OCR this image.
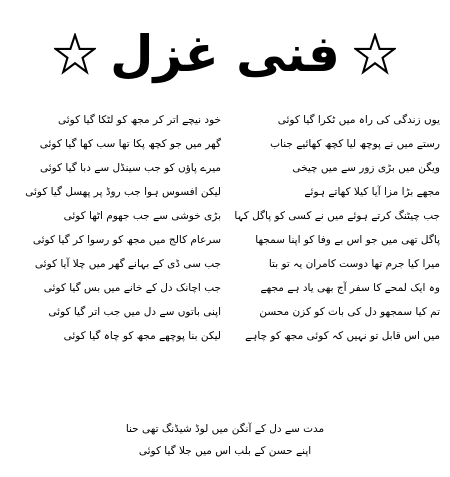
فنی غزل
یوں زندگی کی راہ میں ٹکرا گیا کوئی
خود نیچے اتر کر مجھ کو لٹکا گیا کوئی
رستے میں نے پوچھ لیا کچھ کھائیے جناب
گھر میں جو کچھ پکا تھا سب کھا گیا کوئی
ویگن میں بڑی زور سے میں چیخی
میرے پاؤں کو جب سینڈل سے دبا گیا کوئی
مجھے بڑا مزا آیا کیلا کھاتے ہوئے
لیکن افسوس ہوا جب روڈ پر پھسل گیا کوئی
جب چیٹنگ کرتے ہوئے میں نے کسی کو پاگل کہا
بڑی خوشی سے جب جھوم اٹھا کوئی
پاگل تھی میں جو اس بے وفا کو اپنا سمجھا
سرعام کالج میں مجھ کو رسوا کر گیا کوئی
میرا کیا جرم تھا دوست کامران یہ تو بتا
جب سی ڈی کے بہانے گھر میں چلا آیا کوئی
وہ ایک لمحے کا سفر آج بھی یاد ہے مجھے
جب اچانک دل کے خانے میں بس گیا کوئی
تم کیا سمجھو دل کی بات کو کزن محسن
اپنی باتوں سے دل میں جب اتر گیا کوئی
میں اس قابل تو نہیں کہ کوئی مجھ کو چاہے
لیکن بنا پوچھے مجھ کو چاہ گیا کوئی
مدت سے دل کے آنگن میں لوڈ شیڈنگ تھی حنا
اپنے حسن کے بلب اس میں جلا گیا کوئی
